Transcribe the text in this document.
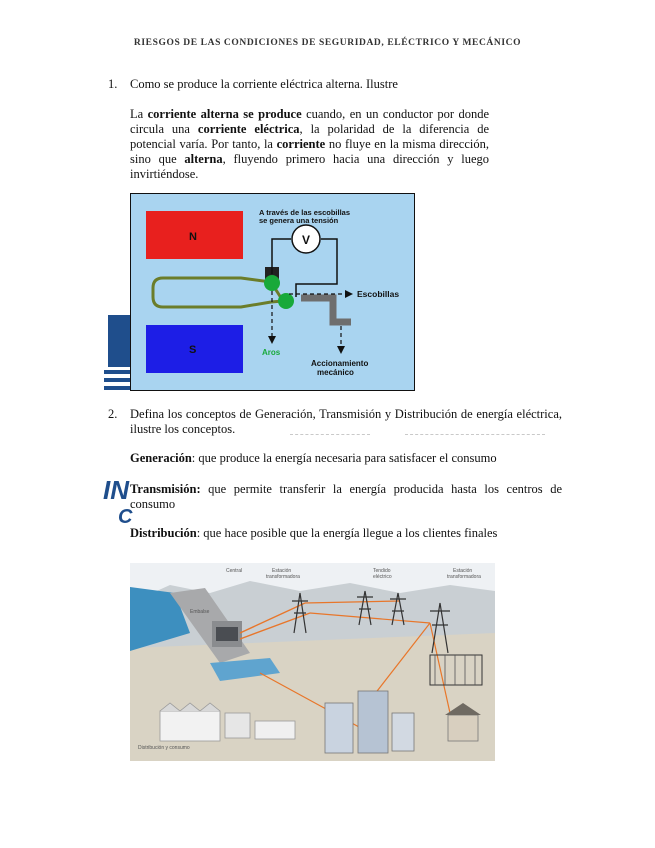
RIESGOS DE LAS CONDICIONES DE SEGURIDAD, ELÉCTRICO Y MECÁNICO
IN
C
1. Como se produce la corriente eléctrica alterna. Ilustre
La corriente alterna se produce cuando, en un conductor por donde circula una corriente eléctrica, la polaridad de la diferencia de potencial varía. Por tanto, la corriente no fluye en la misma dirección, sino que alterna, fluyendo primero hacia una dirección y luego invirtiéndose.
N
S
V
A través de las escobillas
se genera una tensión
Escobillas
Aros
Accionamiento
mecánico
2. Defina los conceptos de Generación, Transmisión y Distribución de energía eléctrica, ilustre los conceptos.
Generación: que produce la energía necesaria para satisfacer el consumo
Transmisión: que permite transferir la energía producida hasta los centros de consumo
Distribución: que hace posible que la energía llegue a los clientes finales
Central	Estación
transformadora
Tendido
eléctrico
Estación
transformadora
Embalse
Distribución y consumo
